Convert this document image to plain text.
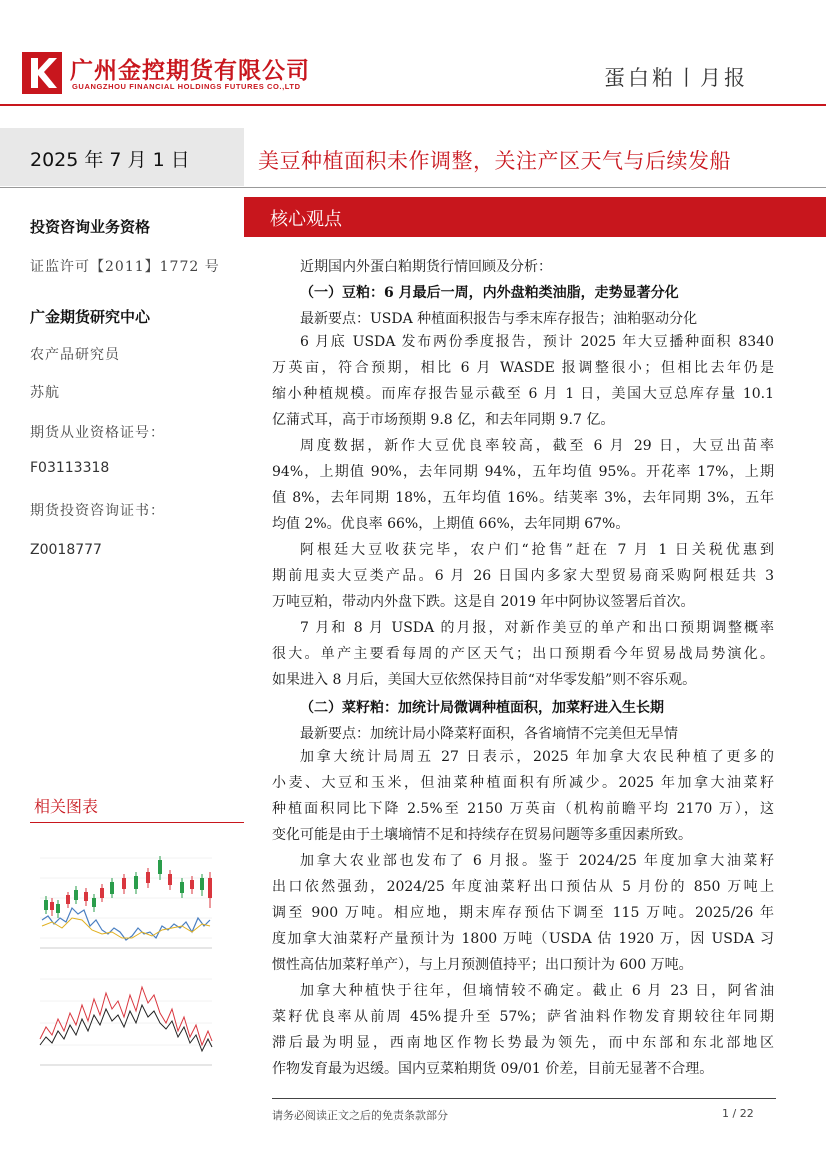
广州金控期货有限公司
GUANGZHOU FINANCIAL HOLDINGS FUTURES CO.,LTD	蛋白粕丨月报
2025 年 7 月 1 日
投资咨询业务资格
证监许可【2011】1772 号
广金期货研究中心
农产品研究员
苏航
期货从业资格证号：
F03113318
期货投资咨询证书：
Z0018777
相关图表
美豆种植面积未作调整，关注产区天气与后续发船
核心观点
近期国内外蛋白粕期货行情回顾及分析：
（一）豆粕：6 月最后一周，内外盘粕类油脂，走势显著分化
最新要点：USDA 种植面积报告与季末库存报告；油粕驱动分化
6 月底 USDA 发布两份季度报告，预计 2025 年大豆播种面积 8340
万英亩，符合预期，相比 6 月 WASDE 报调整很小；但相比去年仍是
缩小种植规模。而库存报告显示截至 6 月 1 日，美国大豆总库存量 10.1
亿蒲式耳，高于市场预期 9.8 亿，和去年同期 9.7 亿。
周度数据，新作大豆优良率较高，截至 6 月 29 日，大豆出苗率
94%，上期值 90%，去年同期 94%，五年均值 95%。开花率 17%，上期
值 8%，去年同期 18%，五年均值 16%。结荚率 3%，去年同期 3%，五年
均值 2%。优良率 66%，上期值 66%，去年同期 67%。
阿根廷大豆收获完毕，农户们“抢售”赶在 7 月 1 日关税优惠到
期前甩卖大豆类产品。6 月 26 日国内多家大型贸易商采购阿根廷共 3
万吨豆粕，带动内外盘下跌。这是自 2019 年中阿协议签署后首次。
7 月和 8 月 USDA 的月报，对新作美豆的单产和出口预期调整概率
很大。单产主要看每周的产区天气；出口预期看今年贸易战局势演化。
如果进入 8 月后，美国大豆依然保持目前“对华零发船”则不容乐观。
（二）菜籽粕：加统计局微调种植面积，加菜籽进入生长期
最新要点：加统计局小降菜籽面积，各省墒情不完美但无旱情
加拿大统计局周五 27 日表示，2025 年加拿大农民种植了更多的
小麦、大豆和玉米，但油菜种植面积有所减少。2025 年加拿大油菜籽
种植面积同比下降 2.5%至 2150 万英亩（机构前瞻平均 2170 万），这
变化可能是由于土壤墒情不足和持续存在贸易问题等多重因素所致。
加拿大农业部也发布了 6 月报。鉴于 2024/25 年度加拿大油菜籽
出口依然强劲，2024/25 年度油菜籽出口预估从 5 月份的 850 万吨上
调至 900 万吨。相应地，期末库存预估下调至 115 万吨。2025/26 年
度加拿大油菜籽产量预计为 1800 万吨（USDA 估 1920 万，因 USDA 习
惯性高估加菜籽单产），与上月预测值持平；出口预计为 600 万吨。
加拿大种植快于往年，但墒情较不确定。截止 6 月 23 日，阿省油
菜籽优良率从前周 45%提升至 57%；萨省油料作物发育期较往年同期
滞后最为明显，西南地区作物长势最为领先，而中东部和东北部地区
作物发育最为迟缓。国内豆菜粕期货 09/01 价差，目前无显著不合理。
请务必阅读正文之后的免责条款部分	1 / 22
